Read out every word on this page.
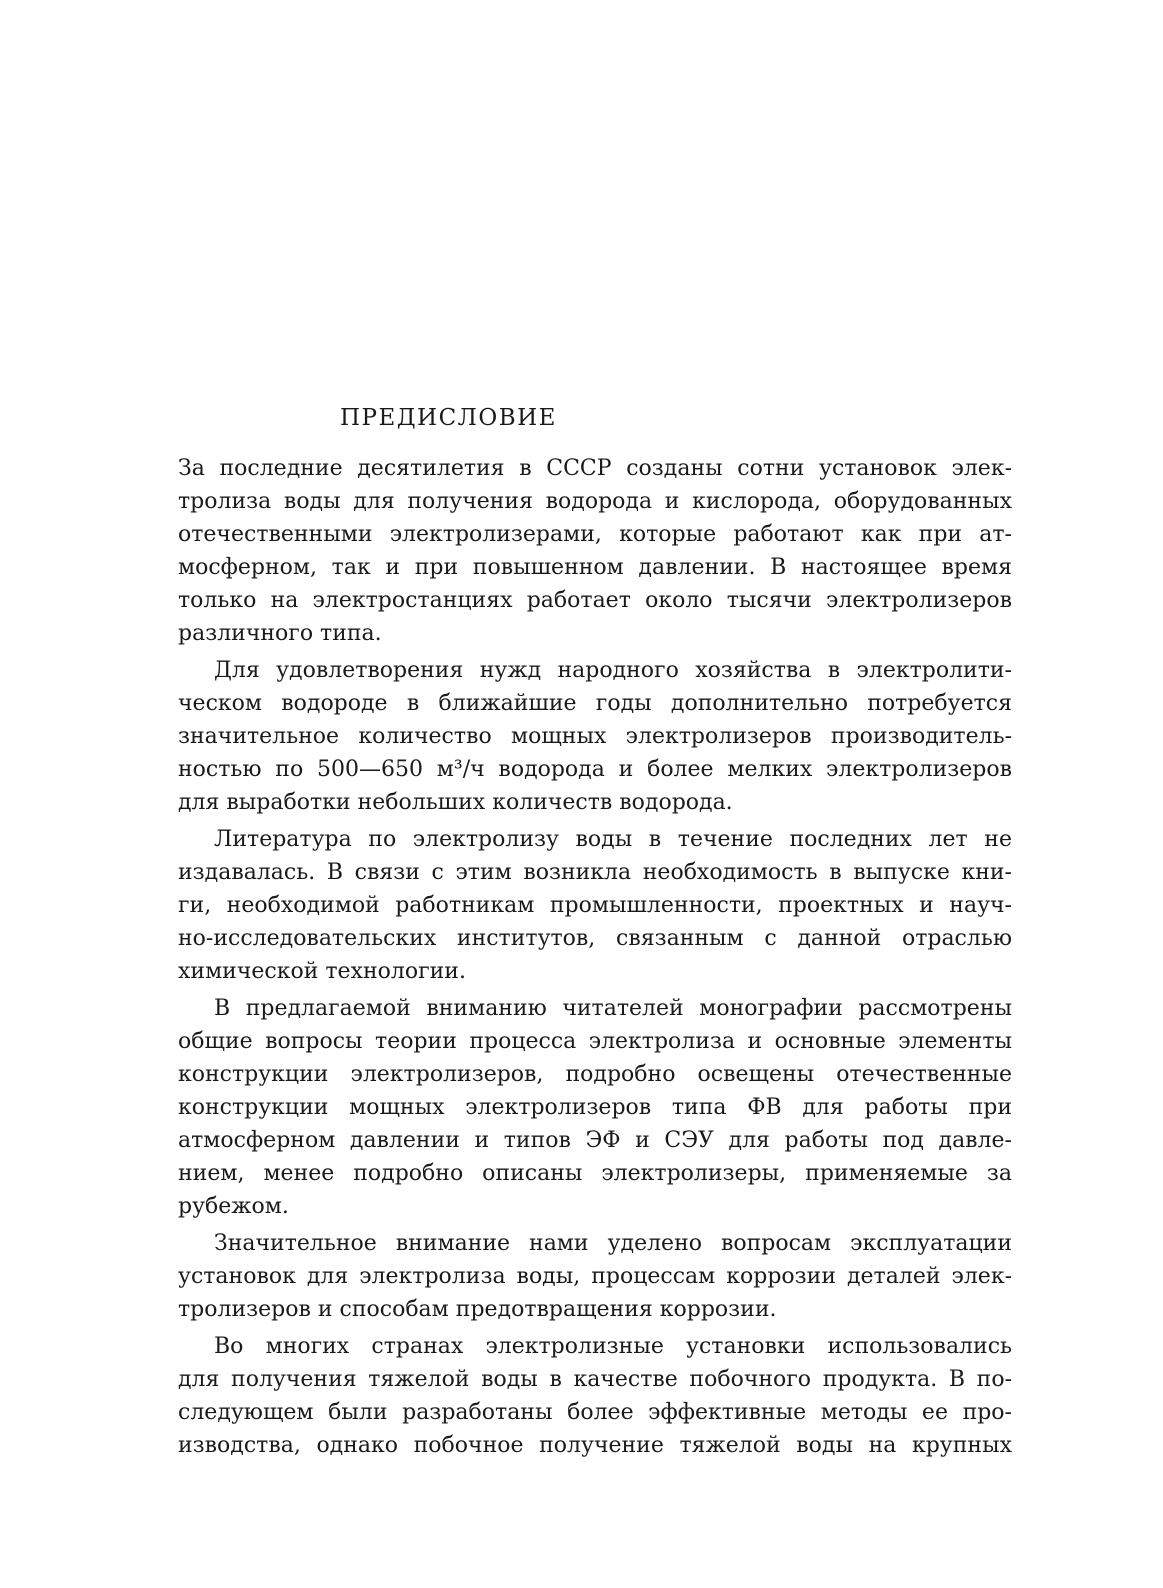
ПРЕДИСЛОВИЕ
За последние десятилетия в СССР созданы сотни установок элек-
тролиза воды для получения водорода и кислорода, оборудованных
отечественными электролизерами, которые работают как при ат-
мосферном, так и при повышенном давлении. В настоящее время
только на электростанциях работает около тысячи электролизеров
различного типа.
Для удовлетворения нужд народного хозяйства в электролити-
ческом водороде в ближайшие годы дополнительно потребуется
значительное количество мощных электролизеров производитель-
ностью по 500—650 м³/ч водорода и более мелких электролизеров
для выработки небольших количеств водорода.
Литература по электролизу воды в течение последних лет не
издавалась. В связи с этим возникла необходимость в выпуске кни-
ги, необходимой работникам промышленности, проектных и науч-
но-исследовательских институтов, связанным с данной отраслью
химической технологии.
В предлагаемой вниманию читателей монографии рассмотрены
общие вопросы теории процесса электролиза и основные элементы
конструкции электролизеров, подробно освещены отечественные
конструкции мощных электролизеров типа ФВ для работы при
атмосферном давлении и типов ЭФ и СЭУ для работы под давле-
нием, менее подробно описаны электролизеры, применяемые за
рубежом.
Значительное внимание нами уделено вопросам эксплуатации
установок для электролиза воды, процессам коррозии деталей элек-
тролизеров и способам предотвращения коррозии.
Во многих странах электролизные установки использовались
для получения тяжелой воды в качестве побочного продукта. В по-
следующем были разработаны более эффективные методы ее про-
изводства, однако побочное получение тяжелой воды на крупных
